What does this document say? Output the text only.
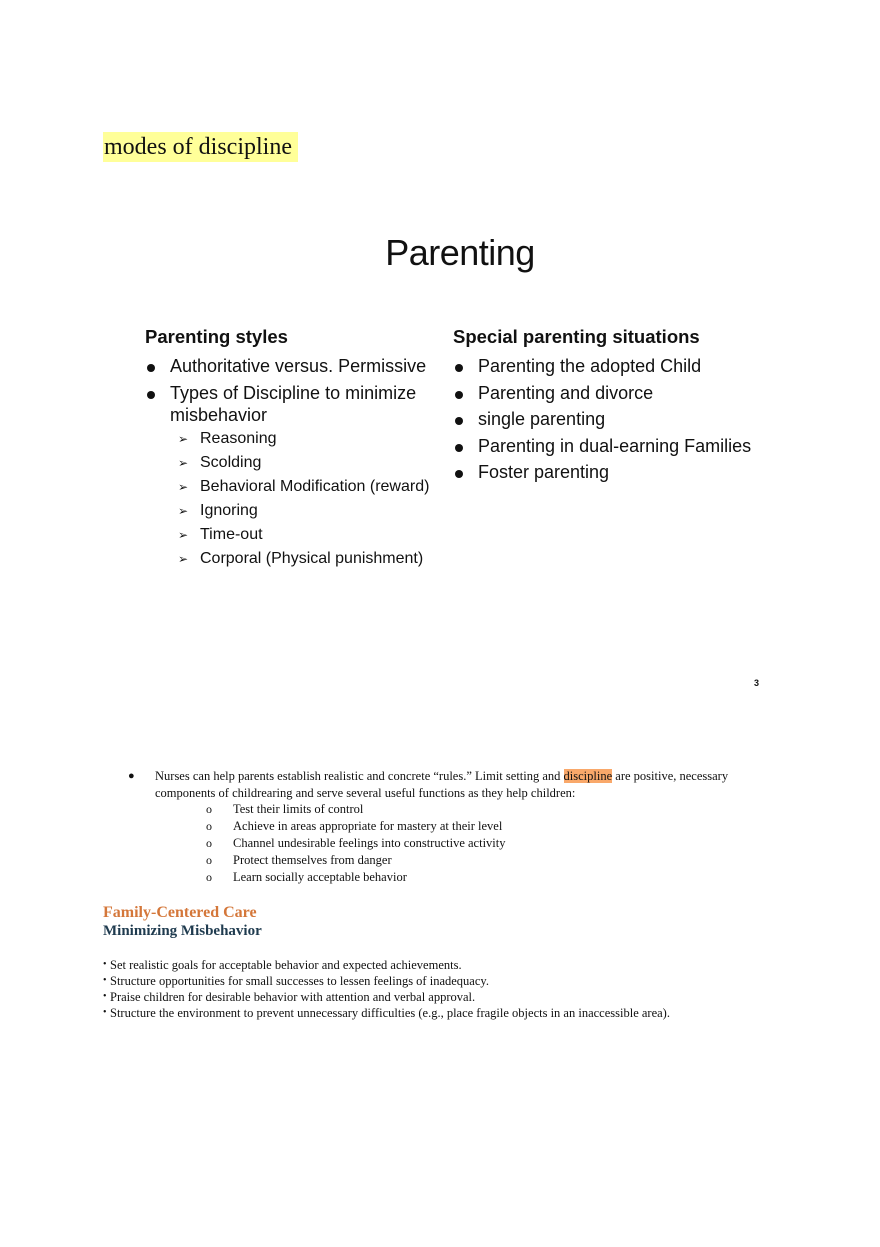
modes of discipline
Parenting
Parenting styles
Authoritative versus. Permissive
Types of Discipline to minimize misbehavior
➢ Reasoning
➢ Scolding
➢ Behavioral Modification (reward)
➢ Ignoring
➢ Time-out
➢ Corporal (Physical punishment)
Special parenting situations
Parenting the adopted Child
Parenting and divorce
single parenting
Parenting in dual-earning Families
Foster parenting
3
● Nurses can help parents establish realistic and concrete “rules.” Limit setting and discipline are positive, necessary components of childrearing and serve several useful functions as they help children:
o Test their limits of control
o Achieve in areas appropriate for mastery at their level
o Channel undesirable feelings into constructive activity
o Protect themselves from danger
o Learn socially acceptable behavior
Family-Centered Care
Minimizing Misbehavior
• Set realistic goals for acceptable behavior and expected achievements.
• Structure opportunities for small successes to lessen feelings of inadequacy.
• Praise children for desirable behavior with attention and verbal approval.
• Structure the environment to prevent unnecessary difficulties (e.g., place fragile objects in an inaccessible area).
